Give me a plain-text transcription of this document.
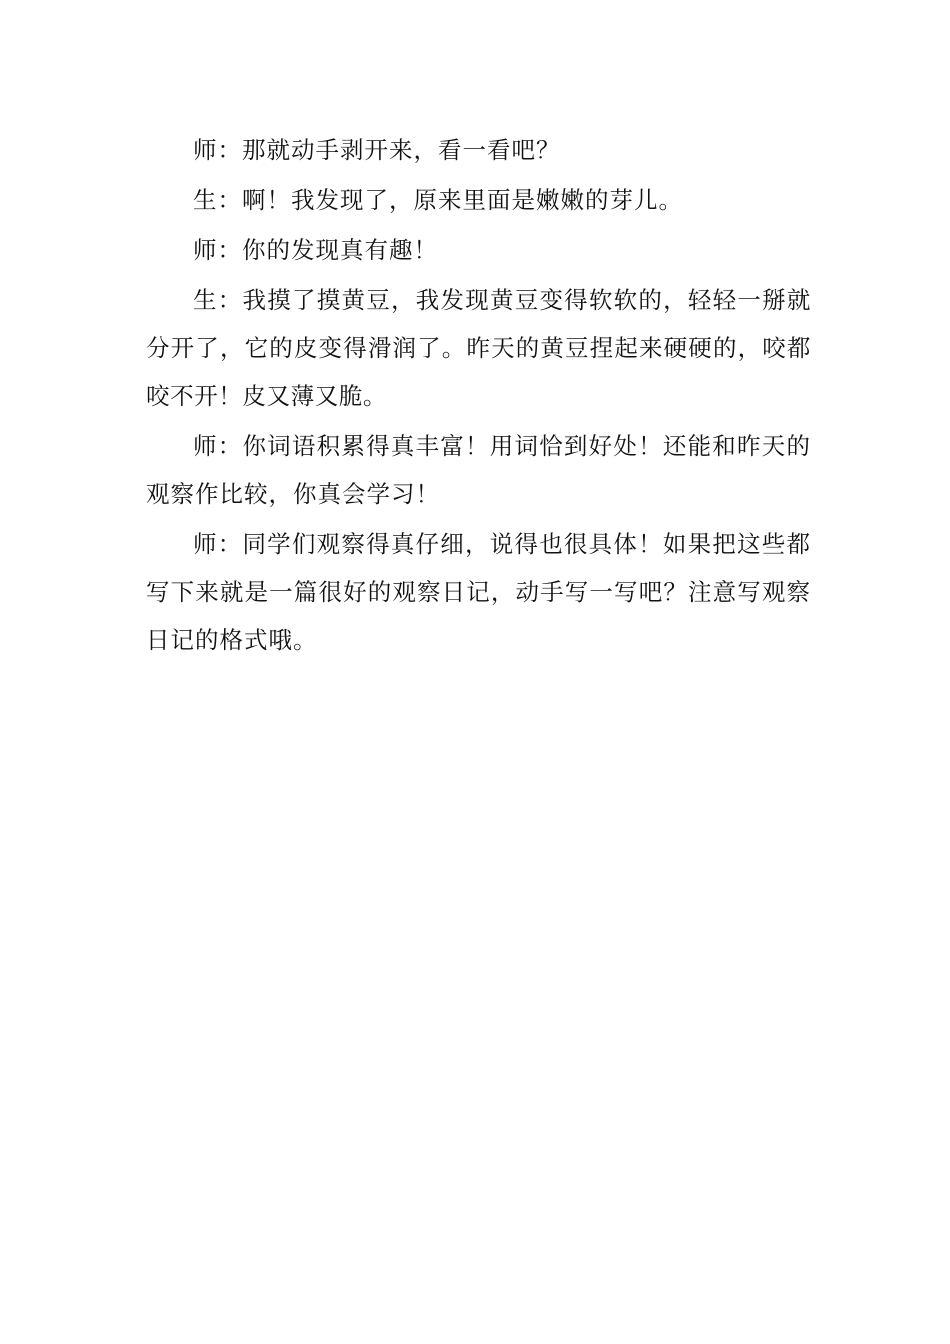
师：那就动手剥开来，看一看吧？

生：啊！我发现了，原来里面是嫩嫩的芽儿。

师：你的发现真有趣！

生：我摸了摸黄豆，我发现黄豆变得软软的，轻轻一掰就分开了，它的皮变得滑润了。昨天的黄豆捏起来硬硬的，咬都咬不开！皮又薄又脆。

师：你词语积累得真丰富！用词恰到好处！还能和昨天的观察作比较，你真会学习！

师：同学们观察得真仔细，说得也很具体！如果把这些都写下来就是一篇很好的观察日记，动手写一写吧？注意写观察日记的格式哦。
